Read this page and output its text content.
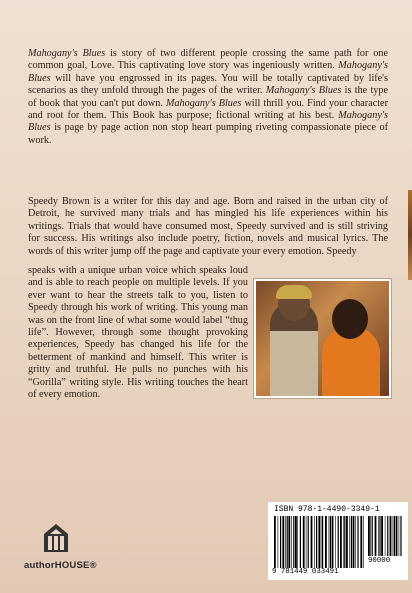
Mahogany's Blues is story of two different people crossing the same path for one common goal, Love. This captivating love story was ingeniously written. Mahogany's Blues will have you engrossed in its pages. You will be totally captivated by life's scenarios as they unfold through the pages of the writer. Mahogany's Blues is the type of book that you can't put down. Mahogany's Blues will thrill you. Find your character and root for them. This Book has purpose; fictional writing at his best. Mahogany's Blues is page by page action non stop heart pumping riveting compassionate piece of work.
Speedy Brown is a writer for this day and age. Born and raised in the urban city of Detroit, he survived many trials and has mingled his life experiences within his writings. Trials that would have consumed most, Speedy survived and is still striving for success. His writings also include poetry, fiction, novels and musical lyrics. The words of this writer jump off the page and captivate your every emotion. Speedy
speaks with a unique urban voice which speaks loud and is able to reach people on multiple levels. If you ever want to hear the streets talk to you, listen to Speedy through his work of writing. This young man was on the front line of what some would label “thug life”. However, through some thought provoking experiences, Speedy has changed his life for the betterment of mankind and himself. This writer is gritty and truthful. He pulls no punches with his “Gorilla” writing style. His writing touches the heart of every emotion.
authorHOUSE®
ISBN 978-1-4490-3349-1
9 781449 033491
90000
